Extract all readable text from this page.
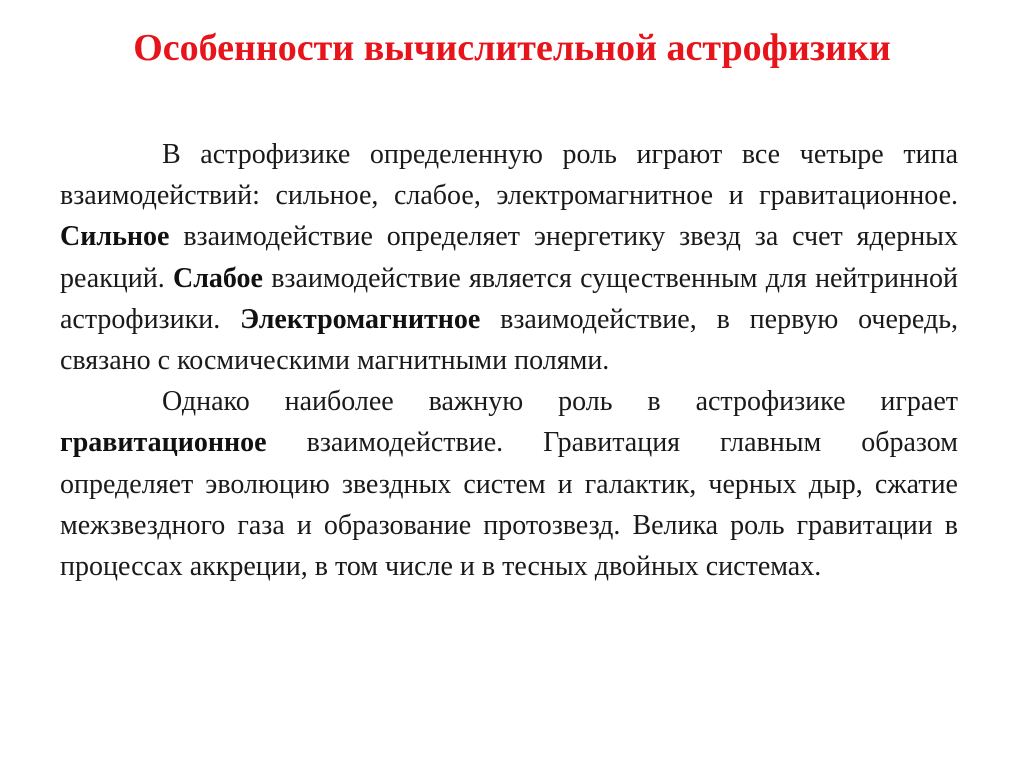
Особенности вычислительной астрофизики

В астрофизике определенную роль играют все четыре типа взаимодействий: сильное, слабое, электромагнитное и гравитационное. Сильное взаимодействие определяет энергетику звезд за счет ядерных реакций. Слабое взаимодействие является существенным для нейтринной астрофизики. Электромагнитное взаимодействие, в первую очередь, связано с космическими магнитными полями.

Однако наиболее важную роль в астрофизике играет гравитационное взаимодействие. Гравитация главным образом определяет эволюцию звездных систем и галактик, черных дыр, сжатие межзвездного газа и образование протозвезд. Велика роль гравитации в процессах аккреции, в том числе и в тесных двойных системах.
